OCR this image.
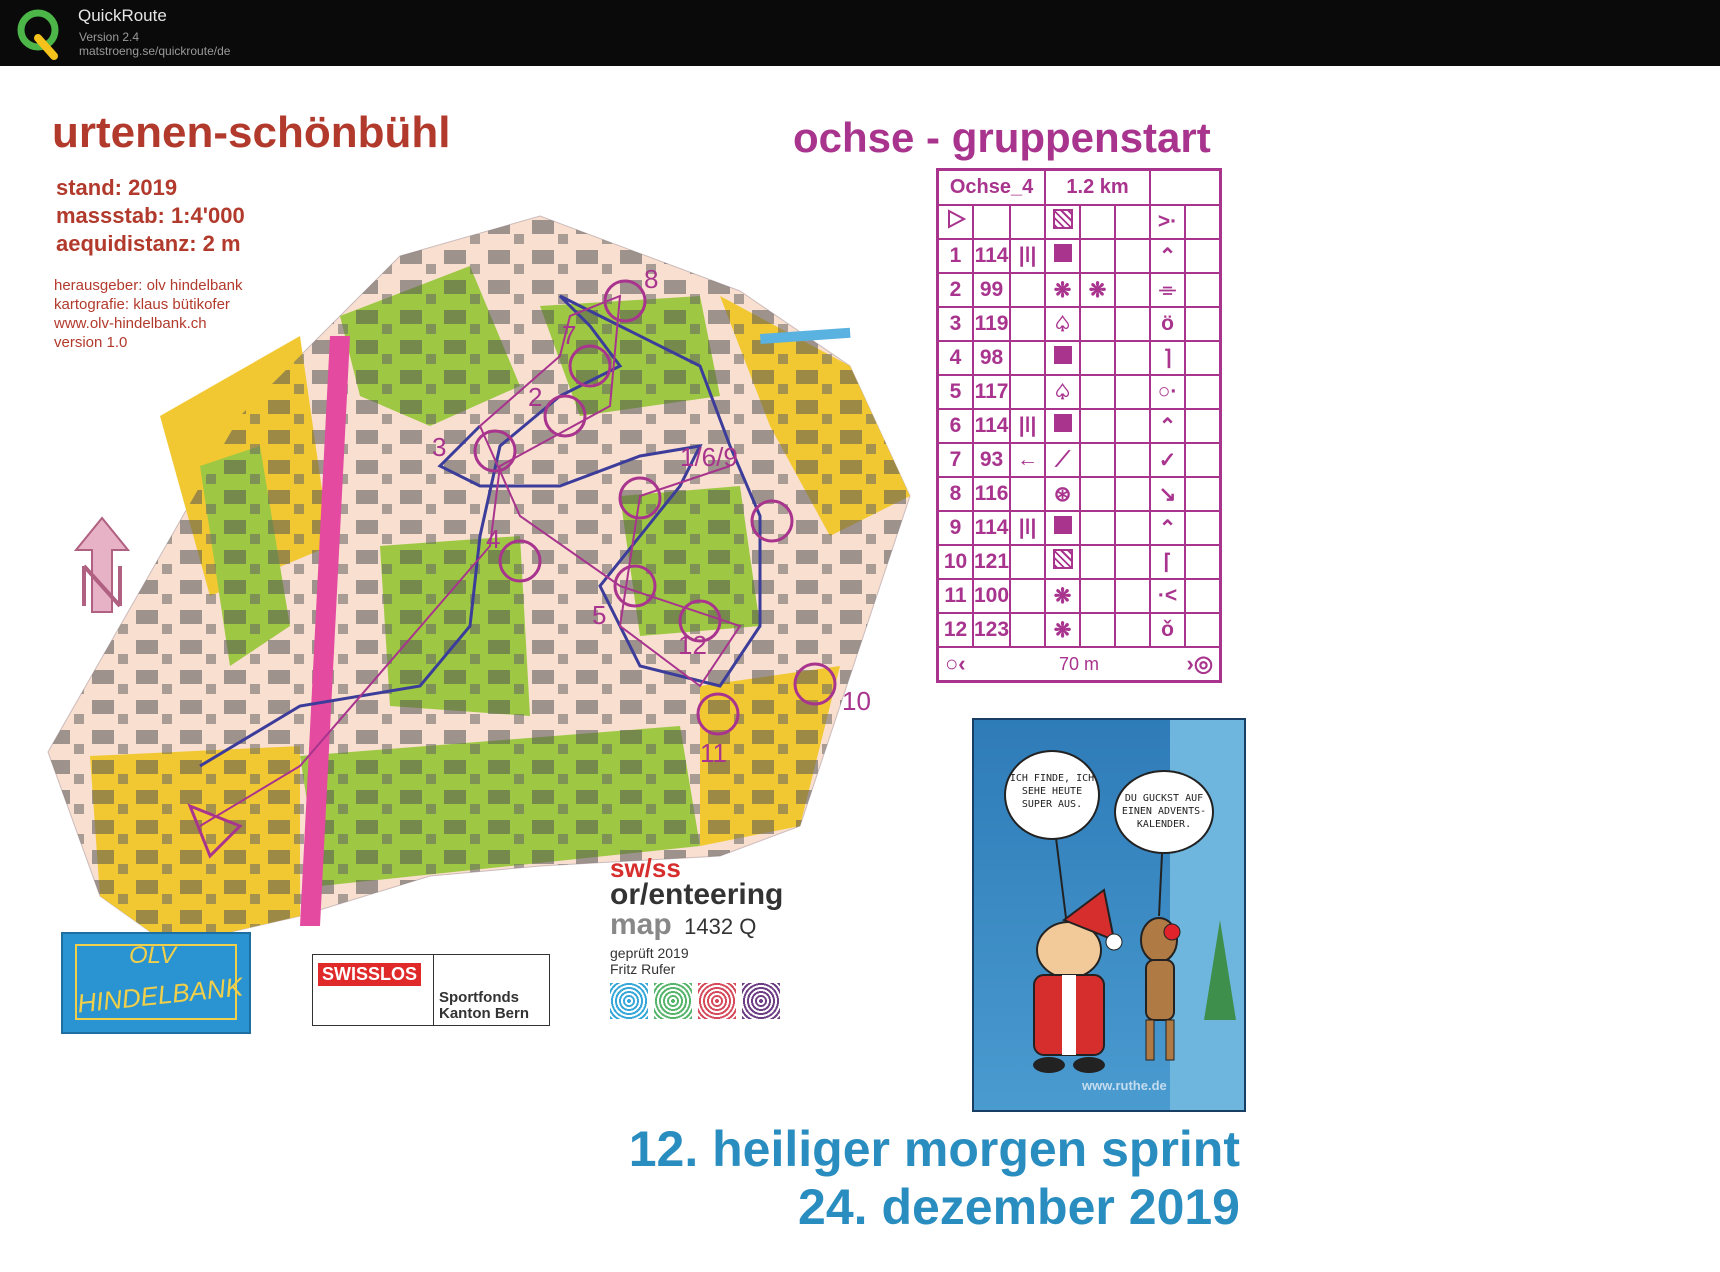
QuickRoute
Version 2.4
matstroeng.se/quickroute/de
8
7
2
3	1/6/9
4
5
12
10
11
urtenen-schönbühl	ochse - gruppenstart
stand: 2019
massstab: 1:4'000
aequidistanz: 2 m
herausgeber: olv hindelbank
kartografie: klaus bütikofer
www.olv-hindelbank.ch
version 1.0
Ochse_4			1.2 km				
						>·	
1	114	|ǀ|				⌃	
2	99		❋	❋		⌯	
3	119		♤			ö	
4	98					⌉	
5	117		♤			○·	
6	114	|ǀ|				⌃	
7	93	←	⟋			✓	
8	116		⊛			↘	
9	114	|ǀ|				⌃	
10	121					⌈	
11	100		❋			·<	
12	123		❋			ǒ	

○‹ 70 m ›◎							
ICH FINDE, ICH SEHE HEUTE SUPER AUS.
DU GUCKST AUF EINEN ADVENTS-KALENDER.
www.ruthe.de
OLV
HINDELBANK	SWISSLOS
Sportfonds
Kanton Bern
sw/ss
or/enteering
map 1432 Q
geprüft 2019
Fritz Rufer
12. heiliger morgen sprint
24. dezember 2019
